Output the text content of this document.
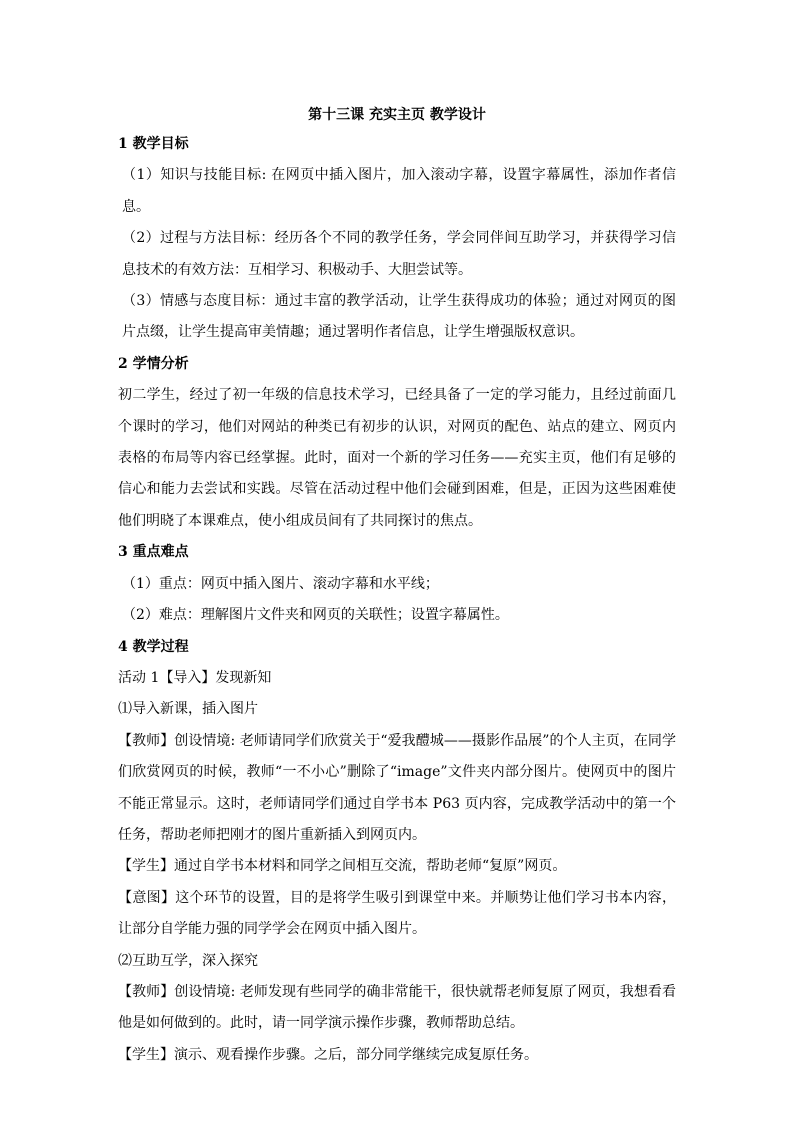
第十三课 充实主页 教学设计
1 教学目标

（1）知识与技能目标: 在网页中插入图片，加入滚动字幕，设置字幕属性，添加作者信息。

（2）过程与方法目标：经历各个不同的教学任务，学会同伴间互助学习，并获得学习信息技术的有效方法：互相学习、积极动手、大胆尝试等。

（3）情感与态度目标：通过丰富的教学活动，让学生获得成功的体验；通过对网页的图片点缀，让学生提高审美情趣；通过署明作者信息，让学生增强版权意识。

2 学情分析

初二学生，经过了初一年级的信息技术学习，已经具备了一定的学习能力，且经过前面几个课时的学习，他们对网站的种类已有初步的认识，对网页的配色、站点的建立、网页内表格的布局等内容已经掌握。此时，面对一个新的学习任务——充实主页，他们有足够的信心和能力去尝试和实践。尽管在活动过程中他们会碰到困难，但是，正因为这些困难使他们明晓了本课难点，使小组成员间有了共同探讨的焦点。

3 重点难点

（1）重点：网页中插入图片、滚动字幕和水平线；

（2）难点：理解图片文件夹和网页的关联性；设置字幕属性。

4 教学过程

活动 1【导入】发现新知

⑴导入新课，插入图片

【教师】创设情境: 老师请同学们欣赏关于“爱我醴城——摄影作品展”的个人主页，在同学们欣赏网页的时候，教师“一不小心”删除了“image”文件夹内部分图片。使网页中的图片不能正常显示。这时，老师请同学们通过自学书本 P63 页内容，完成教学活动中的第一个任务，帮助老师把刚才的图片重新插入到网页内。

【学生】通过自学书本材料和同学之间相互交流，帮助老师“复原”网页。

【意图】这个环节的设置，目的是将学生吸引到课堂中来。并顺势让他们学习书本内容，让部分自学能力强的同学学会在网页中插入图片。

⑵互助互学，深入探究

【教师】创设情境: 老师发现有些同学的确非常能干，很快就帮老师复原了网页，我想看看他是如何做到的。此时，请一同学演示操作步骤，教师帮助总结。

【学生】演示、观看操作步骤。之后，部分同学继续完成复原任务。
